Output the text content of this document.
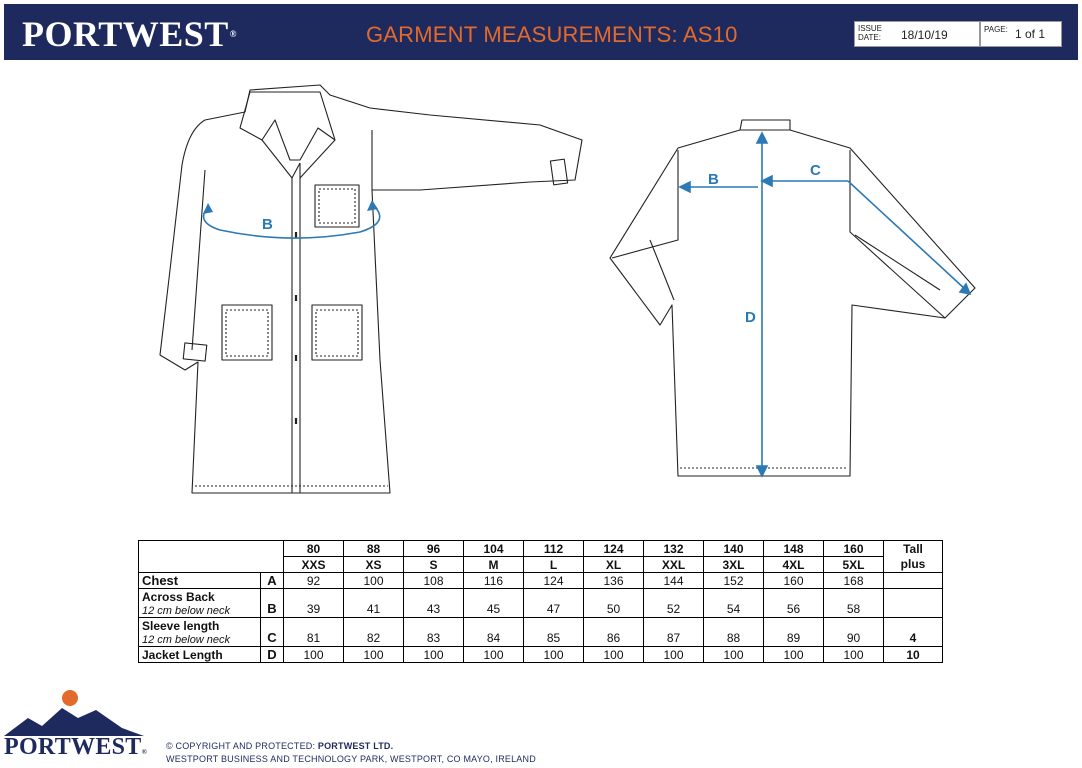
PORTWEST®	GARMENT MEASUREMENTS: AS10	ISSUE
DATE: 18/10/19	PAGE: 1 of 1
B
B
C
D
		80	88	96	104	112	124	132	140	148	160	Tall
		XXS	XS	S	M	L	XL	XXL	3XL	4XL	5XL	plus
Chest	A	92	100	108	116	124	136	144	152	160	168	
Across Back
12 cm below neck	B	39	41	43	45	47	50	52	54	56	58	
Sleeve length
12 cm below neck	C	81	82	83	84	85	86	87	88	89	90	4
Jacket Length	D	100	100	100	100	100	100	100	100	100	100	10
PORTWEST®
© COPYRIGHT AND PROTECTED: PORTWEST LTD.
WESTPORT BUSINESS AND TECHNOLOGY PARK, WESTPORT, CO MAYO, IRELAND
